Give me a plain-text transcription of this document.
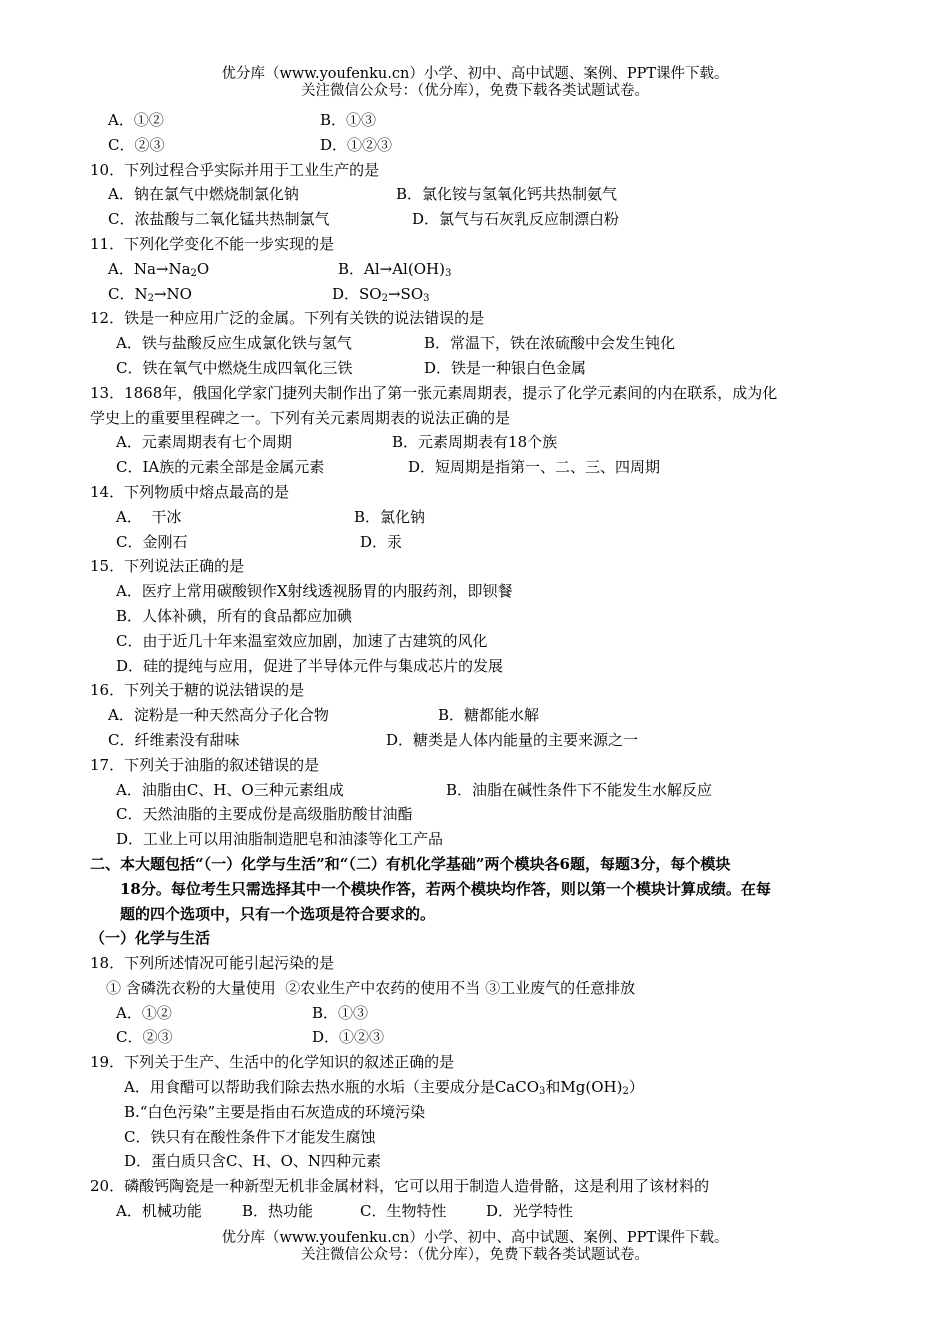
优分库（www.youfenku.cn）小学、初中、高中试题、案例、PPT课件下载。
关注微信公众号：（优分库），免费下载各类试题试卷。
A．①②	B．①③
C．②③	D．①②③
10．下列过程合乎实际并用于工业生产的是
A．钠在氯气中燃烧制氯化钠	B．氯化铵与氢氧化钙共热制氨气
C．浓盐酸与二氧化锰共热制氯气	D．氯气与石灰乳反应制漂白粉
11．下列化学变化不能一步实现的是
A．$Na\to Na_2O$	B．$Al\to Al(OH)_3$
C．$N_2\to NO$	D．$SO_2\to SO_3$
12．铁是一种应用广泛的金属。下列有关铁的说法错误的是
A．铁与盐酸反应生成氯化铁与氢气	B．常温下，铁在浓硫酸中会发生钝化
C．铁在氧气中燃烧生成四氧化三铁	D．铁是一种银白色金属
13．1868年，俄国化学家门捷列夫制作出了第一张元素周期表，提示了化学元素间的内在联系，成为化
学史上的重要里程碑之一。下列有关元素周期表的说法正确的是
A．元素周期表有七个周期	B．元素周期表有18个族
C．IA族的元素全部是金属元素	D．短周期是指第一、二、三、四周期
14．下列物质中熔点最高的是
A．  干冰	B．氯化钠
C．金刚石	D．汞
15．下列说法正确的是
A．医疗上常用碳酸钡作X射线透视肠胃的内服药剂，即钡餐
B．人体补碘，所有的食品都应加碘
C．由于近几十年来温室效应加剧，加速了古建筑的风化
D．硅的提纯与应用，促进了半导体元件与集成芯片的发展
16．下列关于糖的说法错误的是
A．淀粉是一种天然高分子化合物	B．糖都能水解
C．纤维素没有甜味	D．糖类是人体内能量的主要来源之一
17．下列关于油脂的叙述错误的是
A．油脂由C、H、O三种元素组成	B．油脂在碱性条件下不能发生水解反应
C．天然油脂的主要成份是高级脂肪酸甘油酯
D．工业上可以用油脂制造肥皂和油漆等化工产品
二、本大题包括“（一）化学与生活”和“（二）有机化学基础”两个模块各6题，每题3分，每个模块
18分。每位考生只需选择其中一个模块作答，若两个模块均作答，则以第一个模块计算成绩。在每
题的四个选项中，只有一个选项是符合要求的。
（一）化学与生活
18．下列所述情况可能引起污染的是
① 含磷洗衣粉的大量使用  ②农业生产中农药的使用不当 ③工业废气的任意排放
A．①②	B．①③
C．②③	D．①②③
19．下列关于生产、生活中的化学知识的叙述正确的是
A．用食醋可以帮助我们除去热水瓶的水垢（主要成分是CaCO$_3$和$Mg(OH)_2$）
B.“白色污染”主要是指由石灰造成的环境污染
C．铁只有在酸性条件下才能发生腐蚀
D．蛋白质只含C、H、O、N四种元素
20．磷酸钙陶瓷是一种新型无机非金属材料，它可以用于制造人造骨骼，这是利用了该材料的
A．机械功能	B．热功能	C．生物特性	D．光学特性
优分库（www.youfenku.cn）小学、初中、高中试题、案例、PPT课件下载。
关注微信公众号：（优分库），免费下载各类试题试卷。
